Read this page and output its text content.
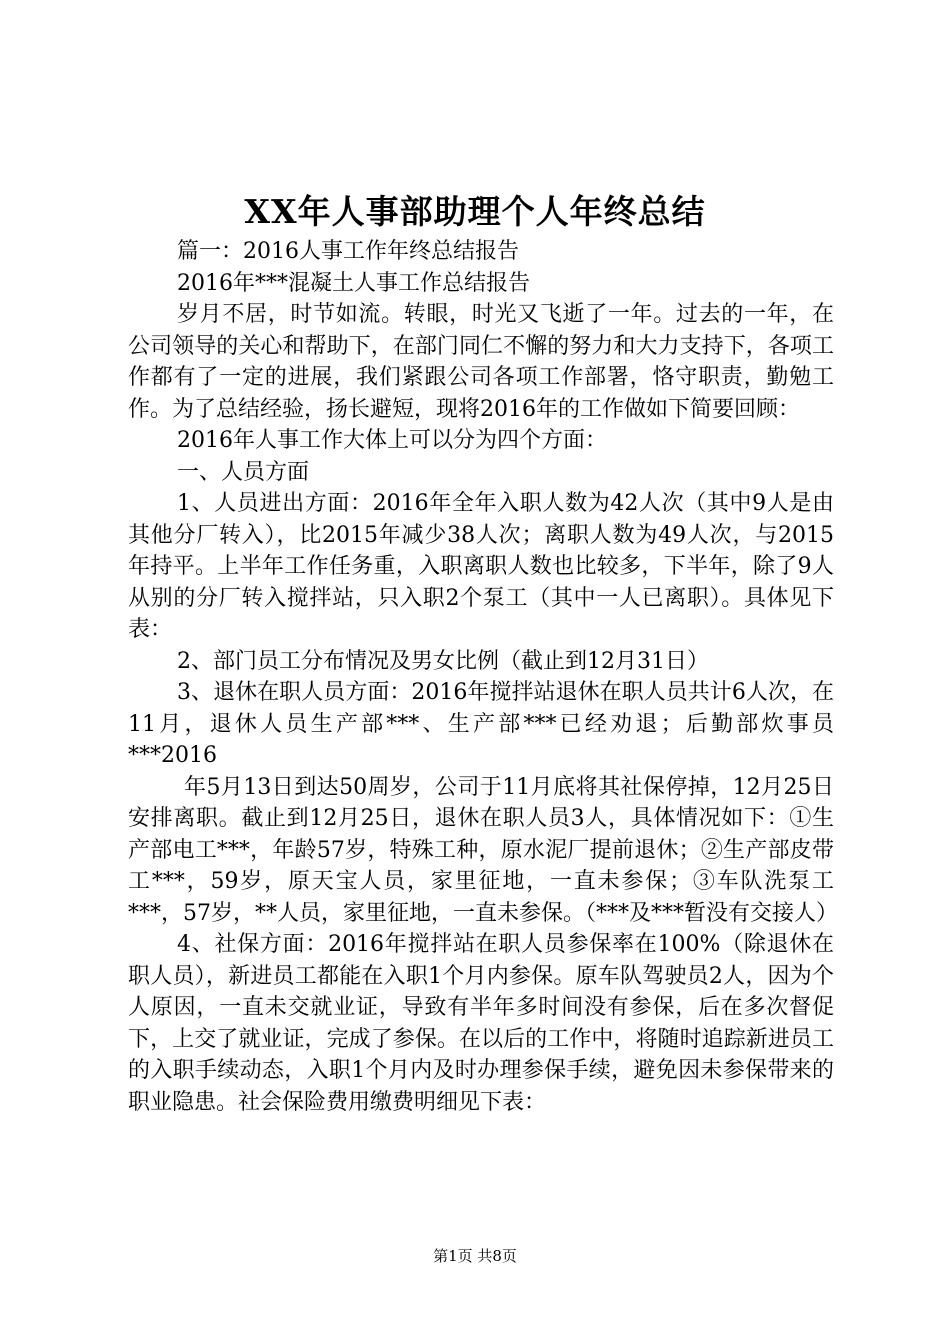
XX年人事部助理个人年终总结

篇一：2016人事工作年终总结报告

2016年***混凝土人事工作总结报告

岁月不居，时节如流。转眼，时光又飞逝了一年。过去的一年，在公司领导的关心和帮助下，在部门同仁不懈的努力和大力支持下，各项工作都有了一定的进展，我们紧跟公司各项工作部署，恪守职责，勤勉工作。为了总结经验，扬长避短，现将2016年的工作做如下简要回顾：

2016年人事工作大体上可以分为四个方面：

一、人员方面

1、人员进出方面：2016年全年入职人数为42人次（其中9人是由其他分厂转入），比2015年减少38人次；离职人数为49人次，与2015年持平。上半年工作任务重，入职离职人数也比较多，下半年，除了9人从别的分厂转入搅拌站，只入职2个泵工（其中一人已离职）。具体见下表：

2、部门员工分布情况及男女比例（截止到12月31日）

3、退休在职人员方面：2016年搅拌站退休在职人员共计6人次，在11月，退休人员生产部***、生产部***已经劝退；后勤部炊事员***2016

年5月13日到达50周岁，公司于11月底将其社保停掉，12月25日安排离职。截止到12月25日，退休在职人员3人，具体情况如下：①生产部电工***，年龄57岁，特殊工种，原水泥厂提前退休；②生产部皮带工***，59岁，原天宝人员，家里征地，一直未参保；③车队洗泵工***，57岁，**人员，家里征地，一直未参保。（***及***暂没有交接人）

4、社保方面：2016年搅拌站在职人员参保率在100%（除退休在职人员），新进员工都能在入职1个月内参保。原车队驾驶员2人，因为个人原因，一直未交就业证，导致有半年多时间没有参保，后在多次督促下，上交了就业证，完成了参保。在以后的工作中，将随时追踪新进员工的入职手续动态，入职1个月内及时办理参保手续，避免因未参保带来的职业隐患。社会保险费用缴费明细见下表：

第1页 共8页
